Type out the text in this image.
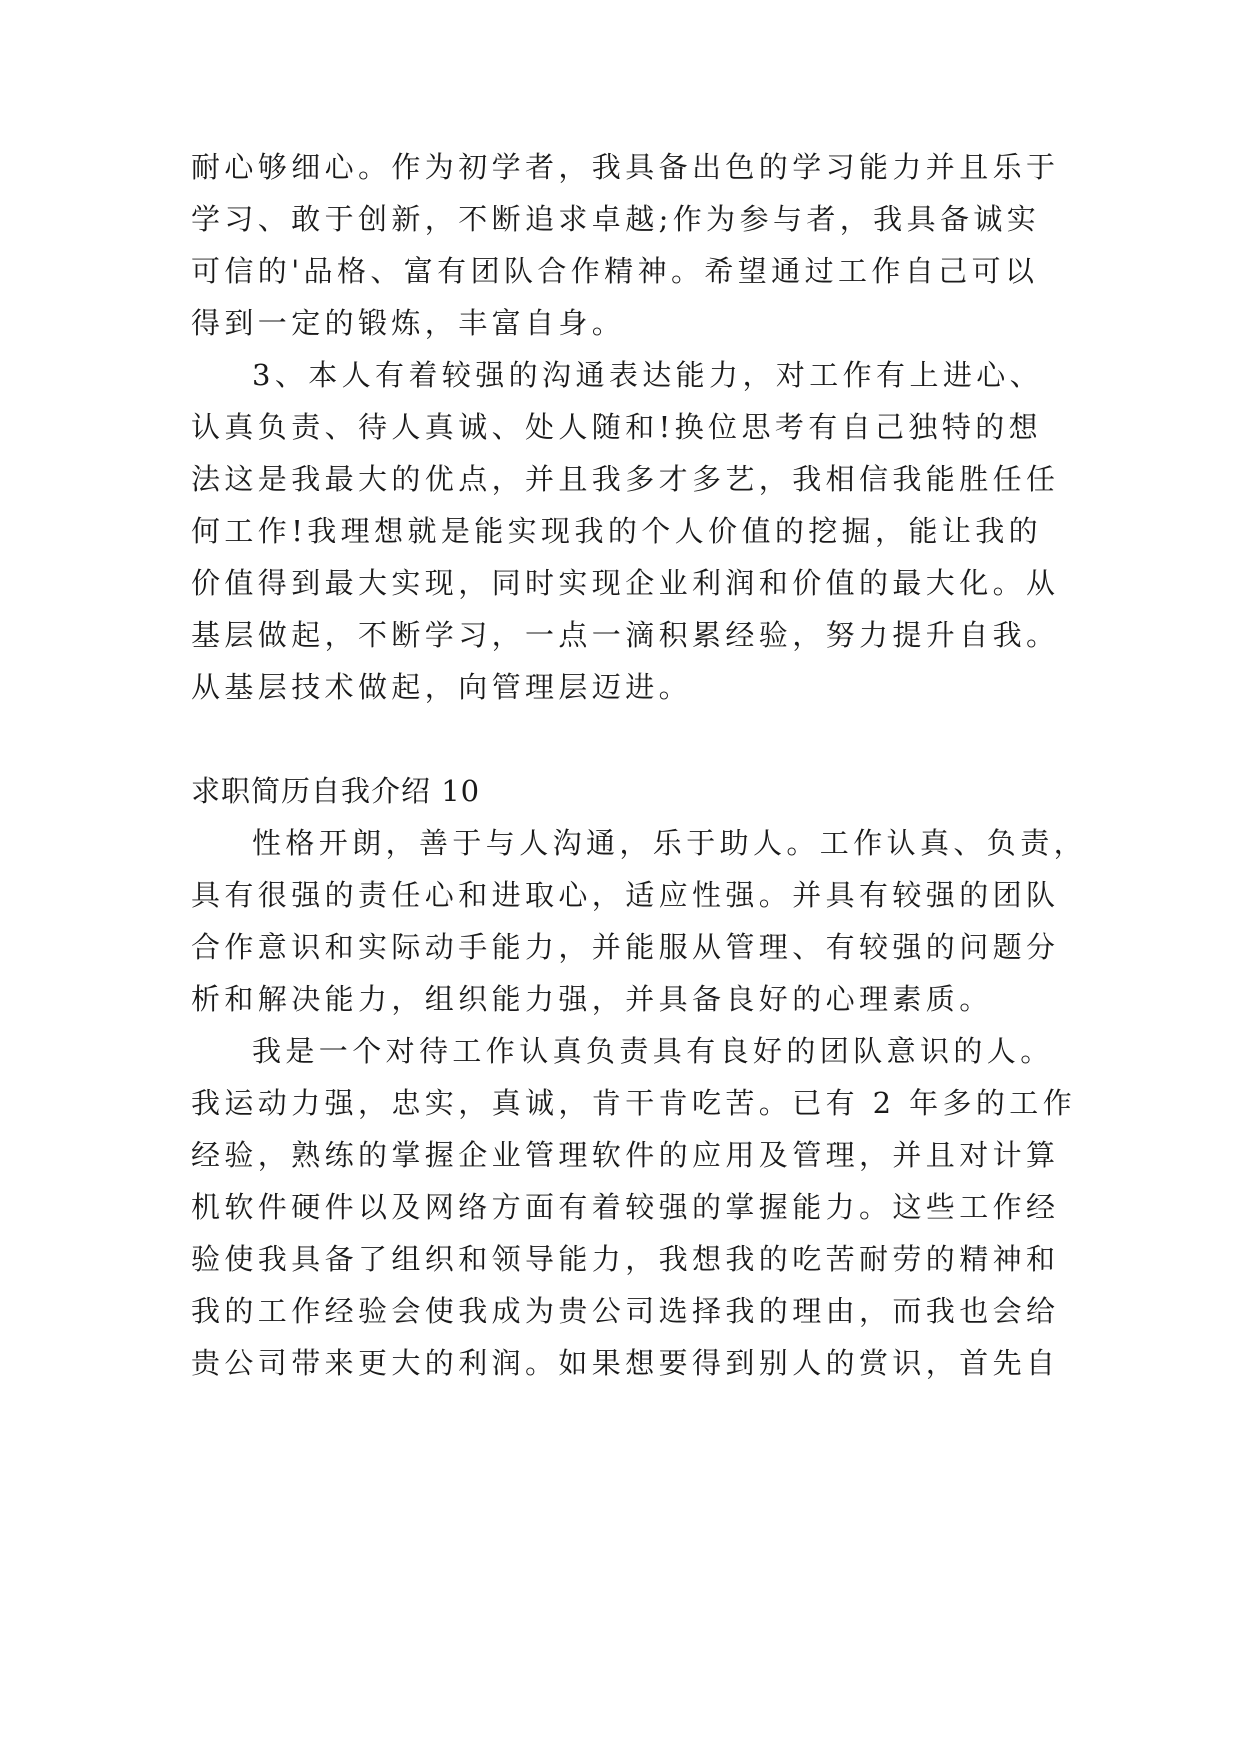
耐心够细心。作为初学者，我具备出色的学习能力并且乐于
学习、敢于创新，不断追求卓越;作为参与者，我具备诚实
可信的'品格、富有团队合作精神。希望通过工作自己可以
得到一定的锻炼，丰富自身。
3、本人有着较强的沟通表达能力，对工作有上进心、
认真负责、待人真诚、处人随和!换位思考有自己独特的想
法这是我最大的优点，并且我多才多艺，我相信我能胜任任
何工作!我理想就是能实现我的个人价值的挖掘，能让我的
价值得到最大实现，同时实现企业利润和价值的最大化。从
基层做起，不断学习，一点一滴积累经验，努力提升自我。
从基层技术做起，向管理层迈进。
求职简历自我介绍 10
性格开朗，善于与人沟通，乐于助人。工作认真、负责，
具有很强的责任心和进取心，适应性强。并具有较强的团队
合作意识和实际动手能力，并能服从管理、有较强的问题分
析和解决能力，组织能力强，并具备良好的心理素质。
我是一个对待工作认真负责具有良好的团队意识的人。
我运动力强，忠实，真诚，肯干肯吃苦。已有 2 年多的工作
经验，熟练的掌握企业管理软件的应用及管理，并且对计算
机软件硬件以及网络方面有着较强的掌握能力。这些工作经
验使我具备了组织和领导能力，我想我的吃苦耐劳的精神和
我的工作经验会使我成为贵公司选择我的理由，而我也会给
贵公司带来更大的利润。如果想要得到别人的赏识，首先自
